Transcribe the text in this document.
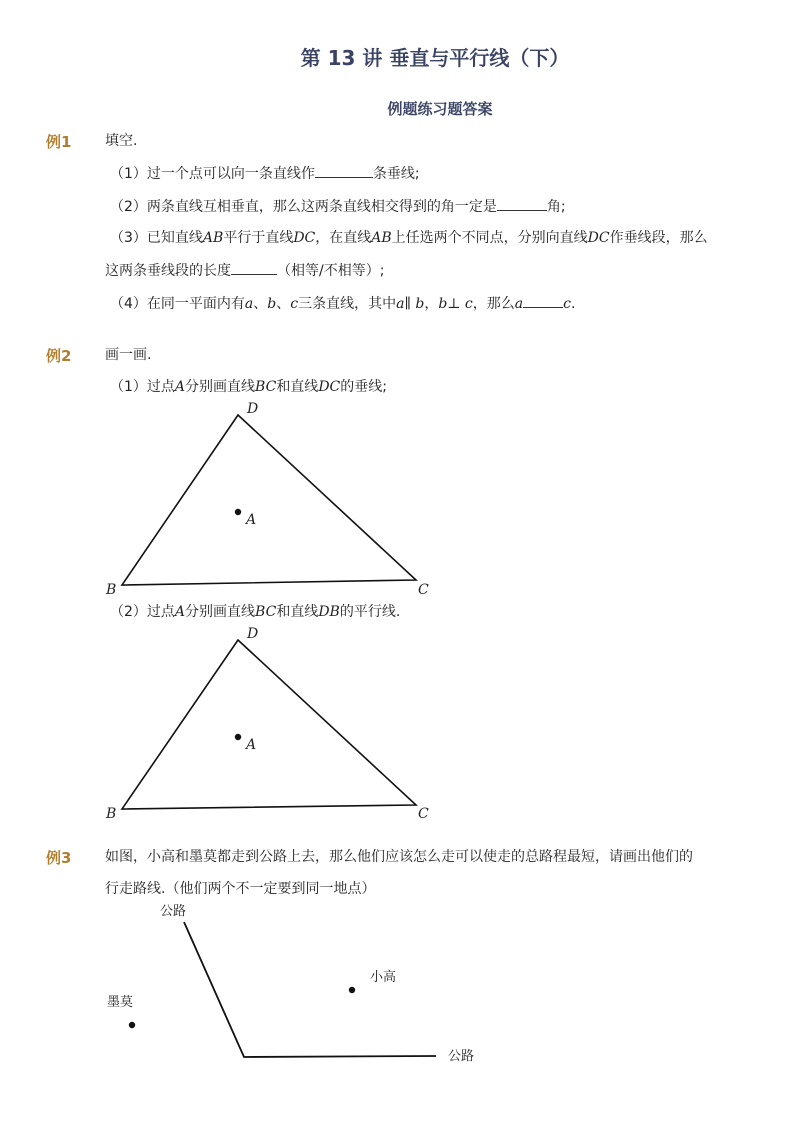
第 13 讲 垂直与平行线（下）
例题练习题答案
例1 填空.
（1）过一个点可以向一条直线作	条垂线;
（2）两条直线互相垂直，那么这两条直线相交得到的角一定是	角;
（3）已知直线AB平行于直线DC，在直线AB上任选两个不同点，分别向直线DC作垂线段，那么
这两条垂线段的长度	（相等/不相等）;
（4）在同一平面内有a、b、c三条直线，其中a∥ b，b⊥ c，那么a	c.
例2 画一画.
（1）过点A分别画直线BC和直线DC的垂线;
D
A
B	C
（2）过点A分别画直线BC和直线DB的平行线.
D
A
B	C
例3 如图，小高和墨莫都走到公路上去，那么他们应该怎么走可以使走的总路程最短，请画出他们的
行走路线.（他们两个不一定要到同一地点）
公路
公路
小高
墨莫
